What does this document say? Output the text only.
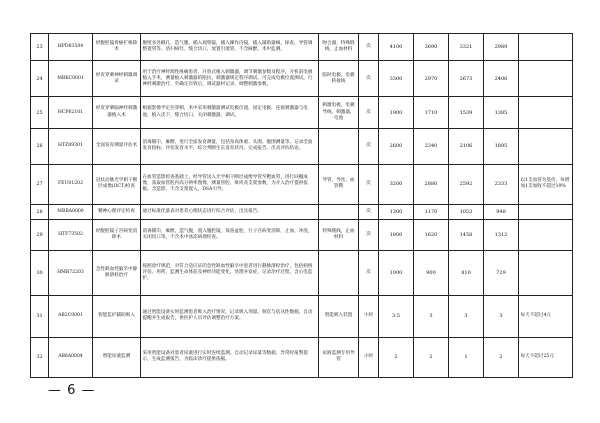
23	HPD83504	经腹腔镜胃癌扩根除术	腹壁多处戳孔，造气腹，插入观察镜，插入操作内镜，插入辅助器械，探查，导管调整置管等。清扫病灶，缝合切口，放置引流管，不含麻醉、术中监测。	吻合器，特殊缝线，止血材料	次	4100	3690	3321	2989	
24	MBKC0001	经皮穿刺神经刺激调试	用于治疗神经源性疼痛患者，开放式植入刺激器，调节刺激参数及程序，开机前电极植入手术，测量植入刺激器的阻抗，刺激器规定程序调试，可完成电极位置测试，行神经刺激治疗，至确定有效后，调试器材记录，调整刺激参数。	临时电极，电极转接线	次	3300	2970	2673	2406	
25	HCP62101	经皮穿刺脑神经刺激器植入术	根据影像学定位穿刺，术中采用刺激器测试电极位置，固定电极，连接刺激器与电池，植入皮下，缝合切口，关闭刺激器，调试。	刺激电极，电极导线，刺激器，电池	次	1900	1710	1539	1385	
26	HTZ89301	全面发育测量评估术	消毒铺巾，麻醉，进行全面发育测量，包括身高体重、头围、腹围测量等。记录全面发育指标，评估发育水平，综合判断生长发育状况，完成报告，出具评估结论。		次	2600	2340	2106	1895	
27	FEU01202	冠状动脉光学相干断层成像(OCT)检查	在血管造影检查基础上，经导管送入光学相干断层成像导管至靶血管，进行回撤成像，获取血管腔内高分辨率图像，测量管腔、斑块及支架参数，为介入治疗提供依据。含造影，不含支架置入，DSA引导。	导管，导丝，血管鞘	次	3200	2880	2592	2333	以1支血管为基价，每增加1支加收不超过10%
28	MBBA0000	精神心理评定检查	通过标准化量表对患者心理状态进行综合评估，出具报告。		次	1300	1170	1053	948	
29	HTF73502	经腹腔镜子宫病变消除术	消毒铺巾，麻醉，造气腹，置入腹腔镜，探查盆腔，行子宫病变消除，止血，冲洗，关闭切口等。不含术中冰冻病理检查。	特殊缝线，止血材料	次	1800	1620	1458	1312	
30	HMB72203	急性缺血性脑卒中静脉溶栓治疗	按照诊疗规范，对符合适应证的急性缺血性脑卒中患者进行静脉溶栓治疗，包括病情评估、用药、监测生命体征及神经功能变化，处理并发症，记录治疗过程。含心电监护。		次	1000	900	810	729	
31	AB2C0001	智能监护辅助吸入	通过智能设备实时监测患者吸入治疗情况，记录吸入剂量、频次与依从性数据，自动提醒并生成报告，供医护人员评估调整治疗方案。	智能吸入装置	小时	3.5	3	3	3	每天不超过4元
32	AB6A0004	智能尿液监测	采用智能设备对患者尿液进行实时连续监测，自动记录尿量等数据，异常时报警提示，生成监测报告，为临床诊疗提供依据。	尿液监测专用导管	小时	2	2	1	2	每天不超过25元
— 6 —
